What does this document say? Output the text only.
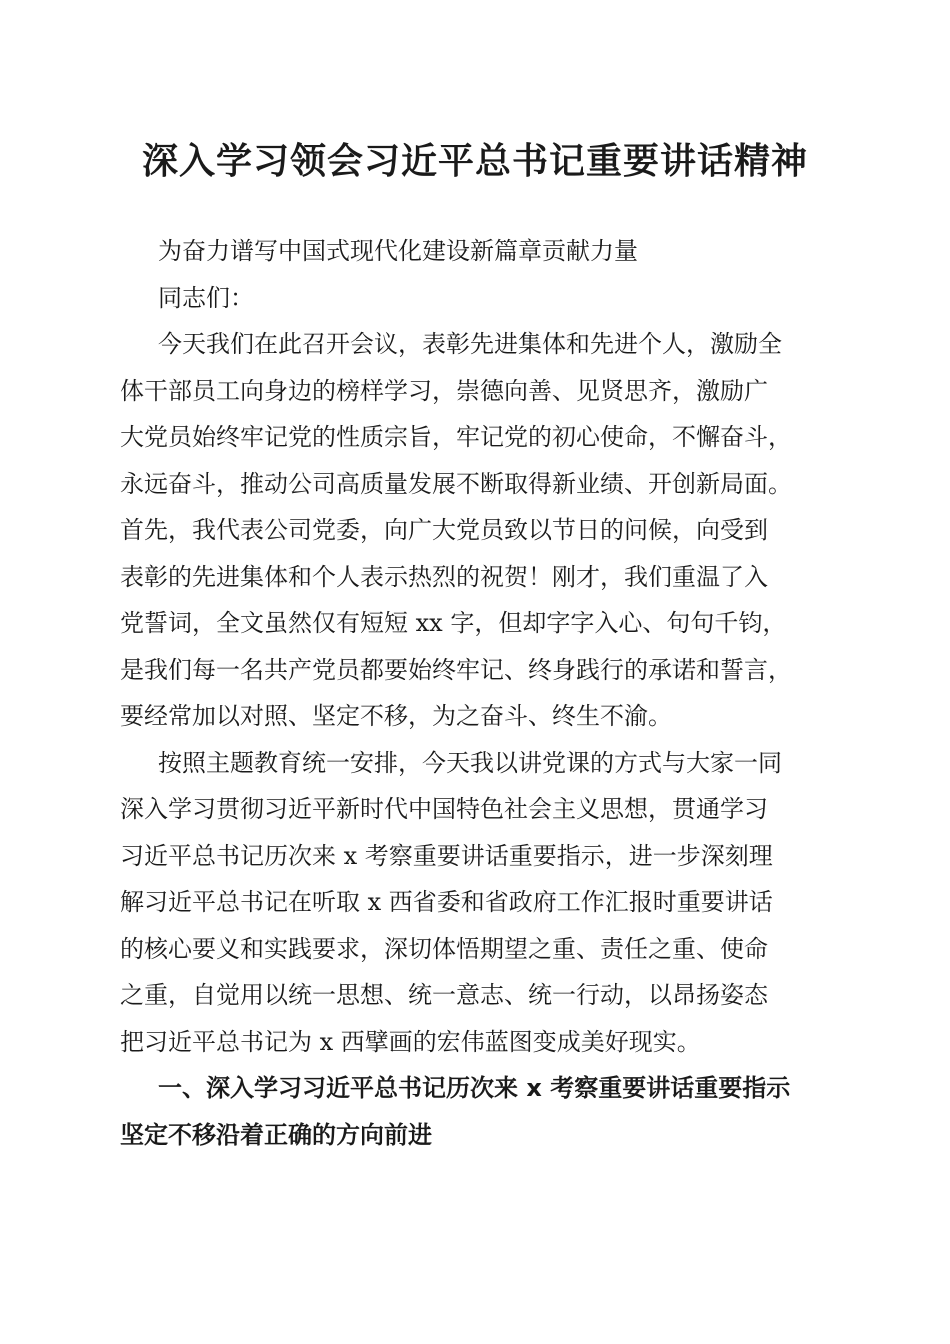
深入学习领会习近平总书记重要讲话精神
为奋力谱写中国式现代化建设新篇章贡献力量
同志们：
今天我们在此召开会议，表彰先进集体和先进个人，激励全
体干部员工向身边的榜样学习，崇德向善、见贤思齐，激励广
大党员始终牢记党的性质宗旨，牢记党的初心使命，不懈奋斗，
永远奋斗，推动公司高质量发展不断取得新业绩、开创新局面。
首先，我代表公司党委，向广大党员致以节日的问候，向受到
表彰的先进集体和个人表示热烈的祝贺！刚才，我们重温了入
党誓词，全文虽然仅有短短 xx 字，但却字字入心、句句千钧，
是我们每一名共产党员都要始终牢记、终身践行的承诺和誓言，
要经常加以对照、坚定不移，为之奋斗、终生不渝。
按照主题教育统一安排，今天我以讲党课的方式与大家一同
深入学习贯彻习近平新时代中国特色社会主义思想，贯通学习
习近平总书记历次来 x 考察重要讲话重要指示，进一步深刻理
解习近平总书记在听取 x 西省委和省政府工作汇报时重要讲话
的核心要义和实践要求，深切体悟期望之重、责任之重、使命
之重，自觉用以统一思想、统一意志、统一行动，以昂扬姿态
把习近平总书记为 x 西擘画的宏伟蓝图变成美好现实。
一、深入学习习近平总书记历次来 x 考察重要讲话重要指示
坚定不移沿着正确的方向前进
